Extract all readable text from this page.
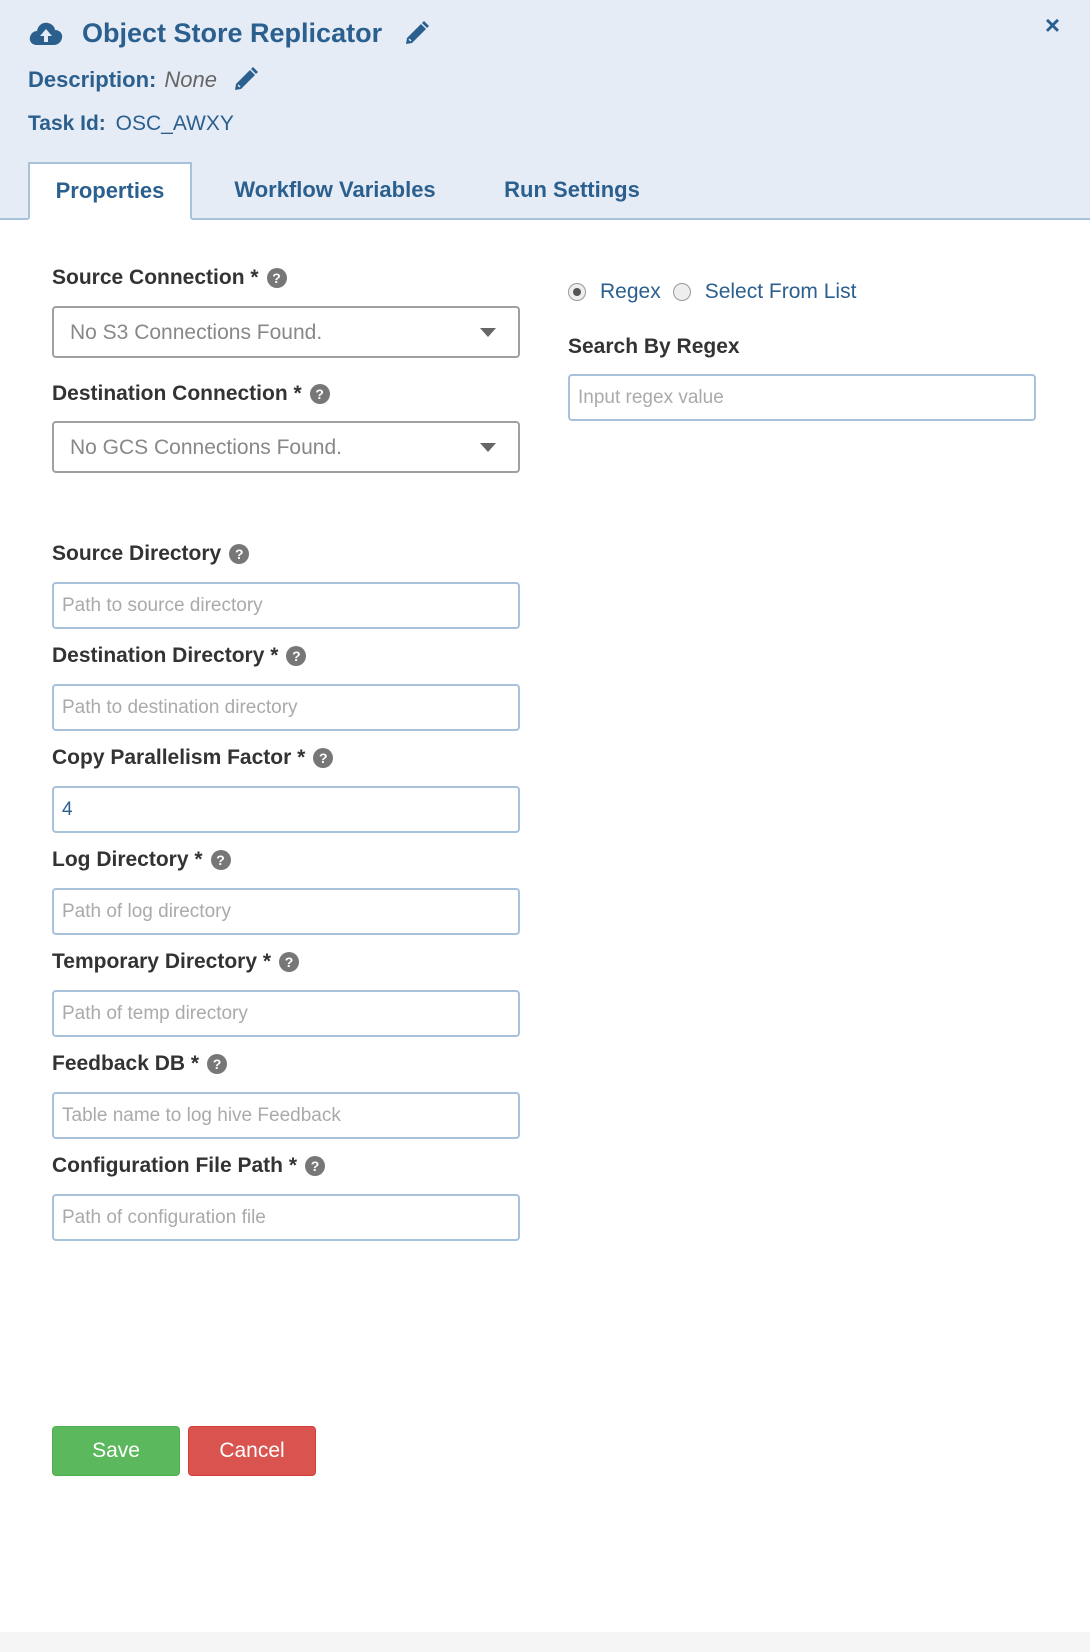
Object Store Replicator	×
Description: None
Task Id: OSC_AWXY
Properties	Workflow Variables	Run Settings
Source Connection * ?
No S3 Connections Found.
Destination Connection * ?
No GCS Connections Found.
Source Directory ?
Path to source directory
Destination Directory * ?
Path to destination directory
Copy Parallelism Factor * ?
4
Log Directory * ?
Path of log directory
Temporary Directory * ?
Path of temp directory
Feedback DB * ?
Table name to log hive Feedback
Configuration File Path * ?
Path of configuration file
Regex Select From List
Search By Regex
Input regex value
Save	Cancel
